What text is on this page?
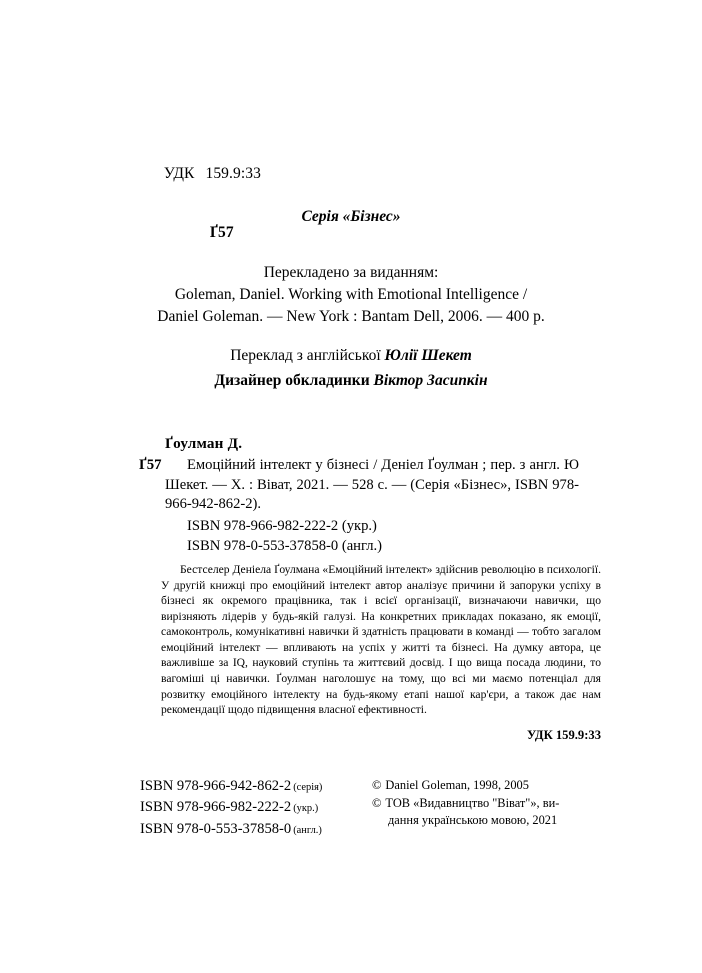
УДК 159.9:33

Ґ57

Серія «Бізнес»
Перекладено за виданням:
Goleman, Daniel. Working with Emotional Intelligence /
Daniel Goleman. — New York : Bantam Dell, 2006. — 400 p.
Переклад з англійської Юлії Шекет
Дизайнер обкладинки Віктор Засипкін
Ґоулман Д.
Ґ57	Емоційний інтелект у бізнесі / Деніел Ґоулман ; пер. з англ. Ю Шекет. — Х. : Віват, 2021. — 528 с. — (Серія «Бізнес», ISBN 978-966-942-862-2).
ISBN 978-966-982-222-2 (укр.)
ISBN 978-0-553-37858-0 (англ.)
Бестселер Деніела Ґоулмана «Емоційний інтелект» здійснив революцію в психології. У другій книжці про емоційний інтелект автор аналізує причини й запоруки успіху в бізнесі як окремого працівника, так і всієї організації, визначаючи навички, що вирізняють лідерів у будь-якій галузі. На конкретних прикладах показано, як емоції, самоконтроль, комунікативні навички й здатність працювати в команді — тобто загалом емоційний інтелект — впливають на успіх у житті та бізнесі. На думку автора, це важливіше за IQ, науковий ступінь та життєвий досвід. І що вища посада людини, то вагоміші ці навички. Ґоулман наголошує на тому, що всі ми маємо потенціал для розвитку емоційного інтелекту на будь-якому етапі нашої кар'єри, а також дає нам рекомендації щодо підвищення власної ефективності.
УДК 159.9:33
ISBN 978-966-942-862-2 (серія)
ISBN 978-966-982-222-2 (укр.)
ISBN 978-0-553-37858-0 (англ.)
© Daniel Goleman, 1998, 2005
© ТОВ «Видавництво "Віват"», ви-
дання українською мовою, 2021
